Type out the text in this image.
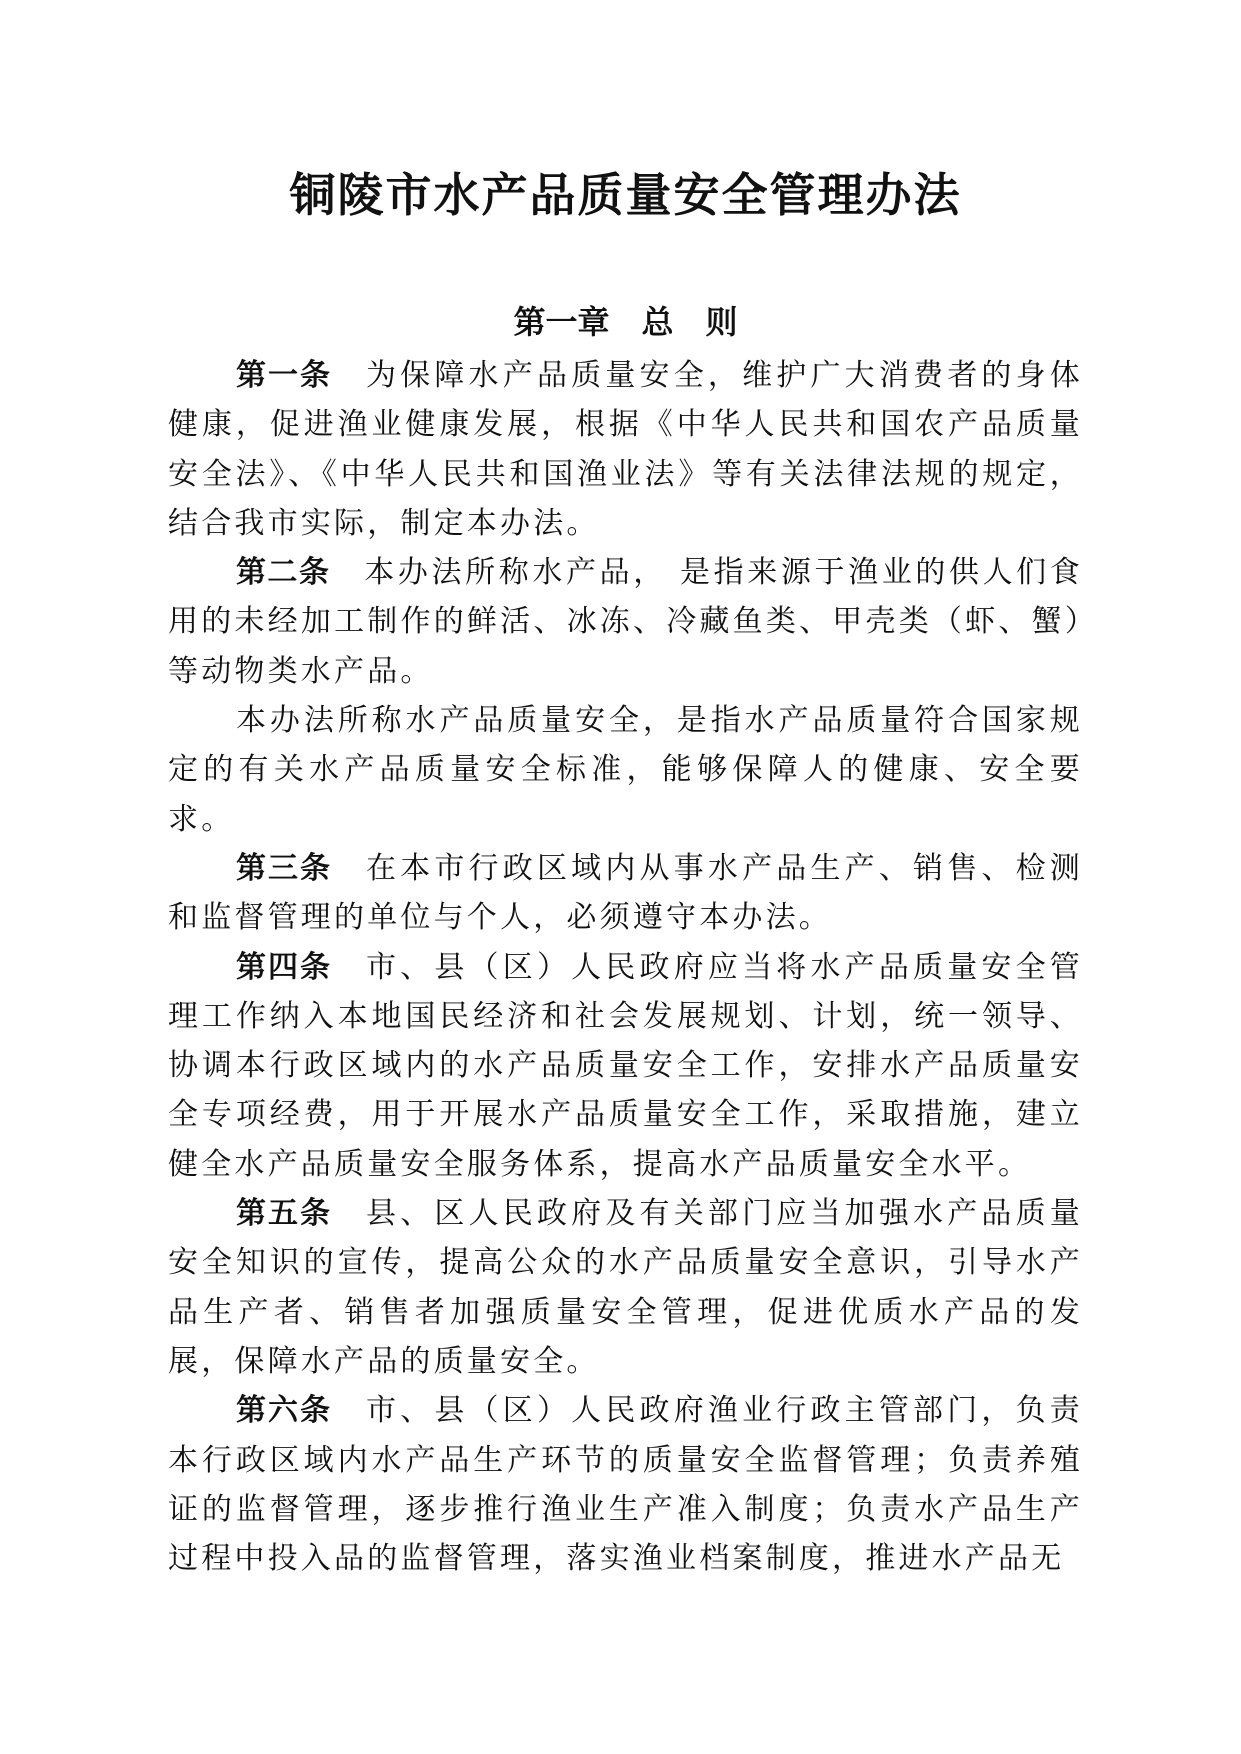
铜陵市水产品质量安全管理办法
第一章　总　则

第一条 为保障水产品质量安全，维护广大消费者的身体健康，促进渔业健康发展，根据《中华人民共和国农产品质量安全法》、《中华人民共和国渔业法》等有关法律法规的规定，结合我市实际，制定本办法。

第二条 本办法所称水产品， 是指来源于渔业的供人们食用的未经加工制作的鲜活、冰冻、冷藏鱼类、甲壳类（虾、蟹）等动物类水产品。

本办法所称水产品质量安全，是指水产品质量符合国家规定的有关水产品质量安全标准，能够保障人的健康、安全要求。

第三条 在本市行政区域内从事水产品生产、销售、检测和监督管理的单位与个人，必须遵守本办法。

第四条 市、县（区）人民政府应当将水产品质量安全管理工作纳入本地国民经济和社会发展规划、计划，统一领导、协调本行政区域内的水产品质量安全工作，安排水产品质量安全专项经费，用于开展水产品质量安全工作，采取措施，建立健全水产品质量安全服务体系，提高水产品质量安全水平。

第五条 县、区人民政府及有关部门应当加强水产品质量安全知识的宣传，提高公众的水产品质量安全意识，引导水产品生产者、销售者加强质量安全管理，促进优质水产品的发展，保障水产品的质量安全。

第六条 市、县（区）人民政府渔业行政主管部门，负责本行政区域内水产品生产环节的质量安全监督管理；负责养殖证的监督管理，逐步推行渔业生产准入制度；负责水产品生产过程中投入品的监督管理，落实渔业档案制度，推进水产品无
